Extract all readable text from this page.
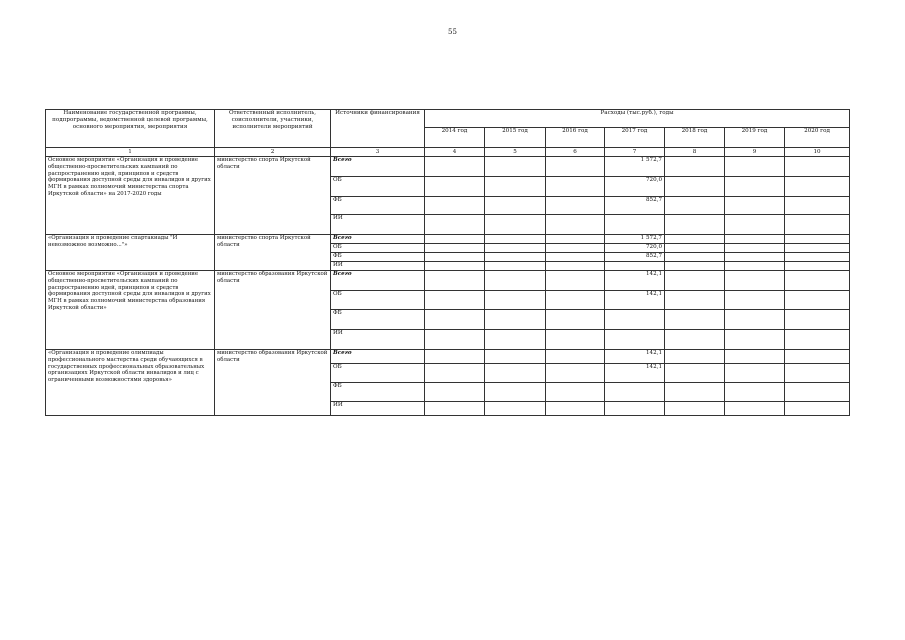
55
Наименование государственной программы, подпрограммы, ведомственной целевой программы, основного мероприятия, мероприятия	Ответственный исполнитель, соисполнители, участники, исполнители мероприятий	Источники финансирования	Расходы (тыс.руб.), годы						
			2014 год	2015 год	2016 год	2017 год	2018 год	2019 год	2020 год
1	2	3	4	5	6	7	8	9	10
Основное мероприятие «Организация и проведение общественно-просветительских кампаний по распространению идей, принципов и средств формирования доступной среды для инвалидов и других МГН в рамках полномочий министерства спорта Иркутской области» на 2017-2020 годы	министерство спорта Иркутской области	Всего				1 572,7			
		ОБ				720,0			
		ФБ				852,7			
		ИИ							
«Организация и проведение спартакиады "И невозможное возможно..."»	министерство спорта Иркутской области	Всего				1 572,7			
		ОБ				720,0			
		ФБ				852,7			
		ИИ							
Основное мероприятие «Организация и проведение общественно-просветительских кампаний по распространению идей, принципов и средств формирования доступной среды для инвалидов и других МГН в рамках полномочий министерства образования Иркутской области»	министерство образования Иркутской области	Всего				142,1			
		ОБ				142,1			
		ФБ							
		ИИ							
«Организация и проведение олимпиады профессионального мастерства среди обучающихся в государственных профессиональных образовательных организациях Иркутской области инвалидов и лиц с ограниченными возможностями здоровья»	министерство образования Иркутской области	Всего				142,1			
		ОБ				142,1			
		ФБ							
		ИИ							
